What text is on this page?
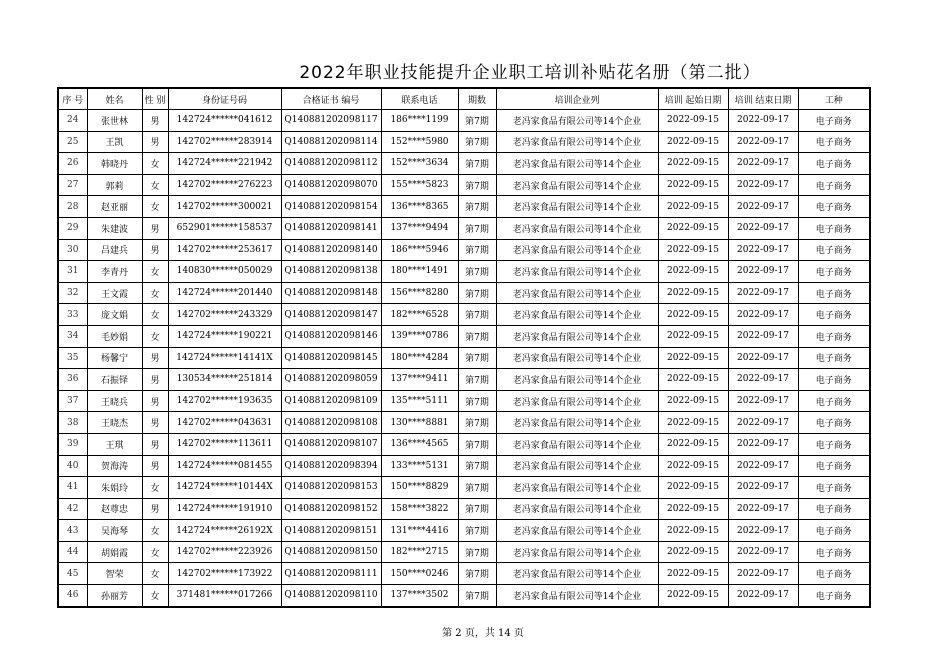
2022年职业技能提升企业职工培训补贴花名册（第二批）
序 号	姓名	性 别	身份证号码	合格证书 编号	联系电话	期数	培训企业列	培训 起始日期	培训 结束日期	工种
24	张世林	男	142724******041612	Q140881202098117	186****1199	第7期	老冯家食品有限公司等14个企业	2022-09-15	2022-09-17	电子商务
25	王凯	男	142702******283914	Q140881202098114	152****5980	第7期	老冯家食品有限公司等14个企业	2022-09-15	2022-09-17	电子商务
26	韩晓丹	女	142724******221942	Q140881202098112	152****3634	第7期	老冯家食品有限公司等14个企业	2022-09-15	2022-09-17	电子商务
27	郭莉	女	142702******276223	Q140881202098070	155****5823	第7期	老冯家食品有限公司等14个企业	2022-09-15	2022-09-17	电子商务
28	赵亚丽	女	142702******300021	Q140881202098154	136****8365	第7期	老冯家食品有限公司等14个企业	2022-09-15	2022-09-17	电子商务
29	朱建波	男	652901******158537	Q140881202098141	137****9494	第7期	老冯家食品有限公司等14个企业	2022-09-15	2022-09-17	电子商务
30	吕建兵	男	142702******253617	Q140881202098140	186****5946	第7期	老冯家食品有限公司等14个企业	2022-09-15	2022-09-17	电子商务
31	李青丹	女	140830******050029	Q140881202098138	180****1491	第7期	老冯家食品有限公司等14个企业	2022-09-15	2022-09-17	电子商务
32	王文霞	女	142724******201440	Q140881202098148	156****8280	第7期	老冯家食品有限公司等14个企业	2022-09-15	2022-09-17	电子商务
33	庞文娟	女	142702******243329	Q140881202098147	182****6528	第7期	老冯家食品有限公司等14个企业	2022-09-15	2022-09-17	电子商务
34	毛妙娟	女	142724******190221	Q140881202098146	139****0786	第7期	老冯家食品有限公司等14个企业	2022-09-15	2022-09-17	电子商务
35	杨馨宁	男	142724******14141X	Q140881202098145	180****4284	第7期	老冯家食品有限公司等14个企业	2022-09-15	2022-09-17	电子商务
36	石振铎	男	130534******251814	Q140881202098059	137****9411	第7期	老冯家食品有限公司等14个企业	2022-09-15	2022-09-17	电子商务
37	王晓兵	男	142702******193635	Q140881202098109	135****5111	第7期	老冯家食品有限公司等14个企业	2022-09-15	2022-09-17	电子商务
38	王晓杰	男	142702******043631	Q140881202098108	130****8881	第7期	老冯家食品有限公司等14个企业	2022-09-15	2022-09-17	电子商务
39	王琪	男	142702******113611	Q140881202098107	136****4565	第7期	老冯家食品有限公司等14个企业	2022-09-15	2022-09-17	电子商务
40	贺海涛	男	142724******081455	Q140881202098394	133****5131	第7期	老冯家食品有限公司等14个企业	2022-09-15	2022-09-17	电子商务
41	朱娟玲	女	142724******10144X	Q140881202098153	150****8829	第7期	老冯家食品有限公司等14个企业	2022-09-15	2022-09-17	电子商务
42	赵尊忠	男	142724******191910	Q140881202098152	158****3822	第7期	老冯家食品有限公司等14个企业	2022-09-15	2022-09-17	电子商务
43	吴海琴	女	142724******26192X	Q140881202098151	131****4416	第7期	老冯家食品有限公司等14个企业	2022-09-15	2022-09-17	电子商务
44	胡娟霞	女	142702******223926	Q140881202098150	182****2715	第7期	老冯家食品有限公司等14个企业	2022-09-15	2022-09-17	电子商务
45	智荣	女	142702******173922	Q140881202098111	150****0246	第7期	老冯家食品有限公司等14个企业	2022-09-15	2022-09-17	电子商务
46	孙丽芳	女	371481******017266	Q140881202098110	137****3502	第7期	老冯家食品有限公司等14个企业	2022-09-15	2022-09-17	电子商务
第 2 页，共 14 页
